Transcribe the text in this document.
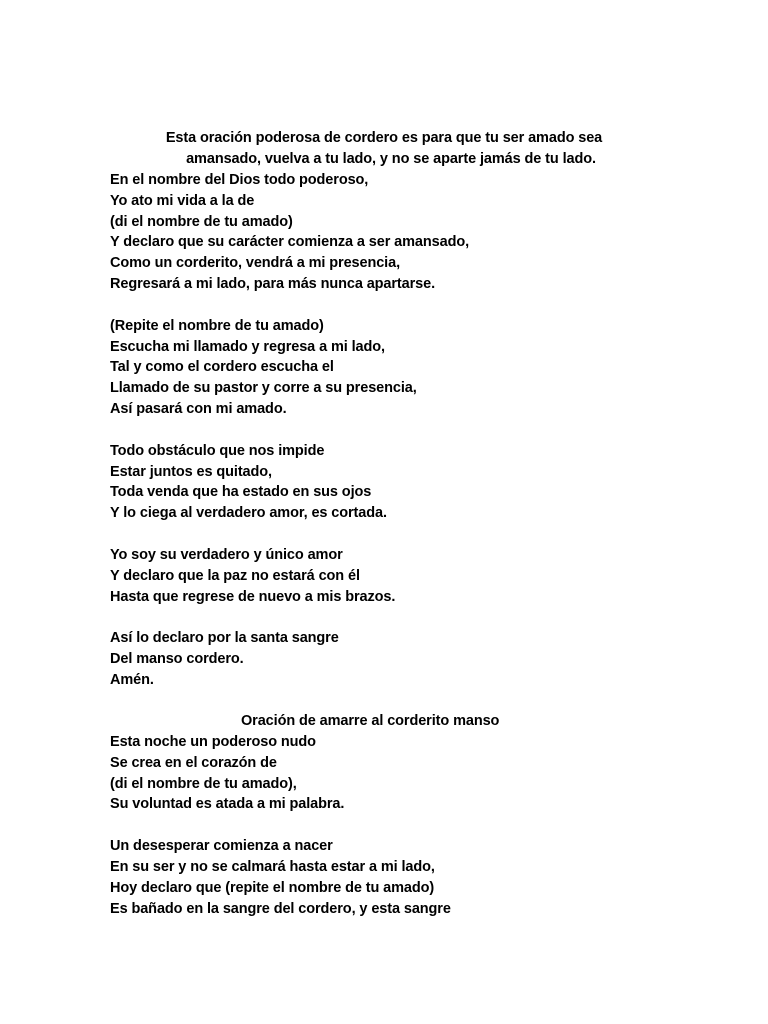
Esta oración poderosa de cordero es para que tu ser amado sea
amansado, vuelva a tu lado, y no se aparte jamás de tu lado.
En el nombre del Dios todo poderoso,
Yo ato mi vida a la de
(di el nombre de tu amado)
Y declaro que su carácter comienza a ser amansado,
Como un corderito, vendrá a mi presencia,
Regresará a mi lado, para más nunca apartarse.
(Repite el nombre de tu amado)
Escucha mi llamado y regresa a mi lado,
Tal y como el cordero escucha el
Llamado de su pastor y corre a su presencia,
Así pasará con mi amado.
Todo obstáculo que nos impide
Estar juntos es quitado,
Toda venda que ha estado en sus ojos
Y lo ciega al verdadero amor, es cortada.
Yo soy su verdadero y único amor
Y declaro que la paz no estará con él
Hasta que regrese de nuevo a mis brazos.
Así lo declaro por la santa sangre
Del manso cordero.
Amén.
Oración de amarre al corderito manso
Esta noche un poderoso nudo
Se crea en el corazón de
(di el nombre de tu amado),
Su voluntad es atada a mi palabra.
Un desesperar comienza a nacer
En su ser y no se calmará hasta estar a mi lado,
Hoy declaro que (repite el nombre de tu amado)
Es bañado en la sangre del cordero, y esta sangre
